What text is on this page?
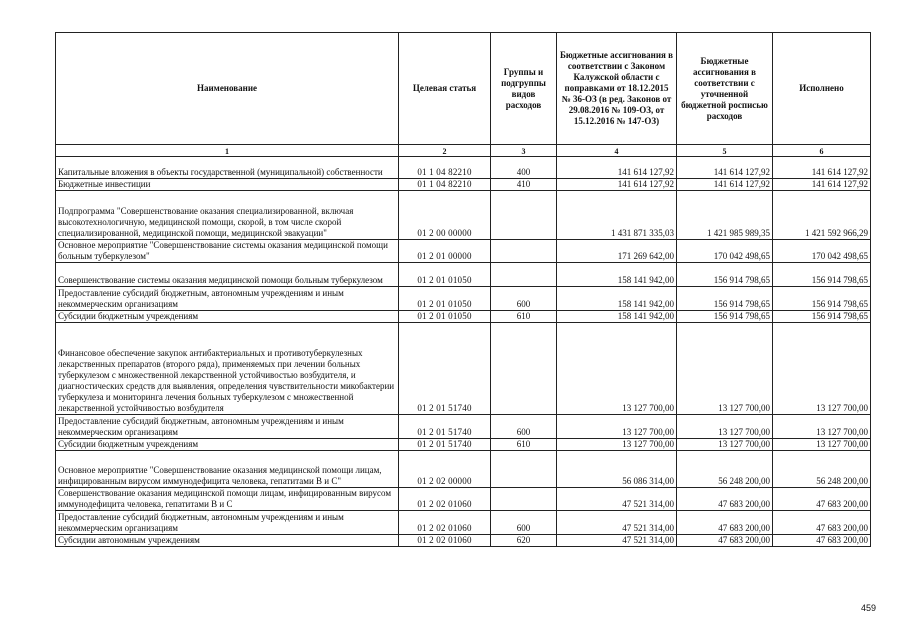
Наименование	Целевая статья	Группы и подгруппы видов расходов	Бюджетные ассигнования в соответствии с Законом Калужской области с поправками от 18.12.2015 № 36-ОЗ (в ред. Законов от 29.08.2016 № 109-ОЗ, от 15.12.2016 № 147-ОЗ)	Бюджетные ассигнования в соответствии с уточненной бюджетной росписью расходов	Исполнено
1	2	3	4	5	6
Капитальные вложения в объекты государственной (муниципальной) собственности	01 1 04 82210	400	141 614 127,92	141 614 127,92	141 614 127,92
Бюджетные инвестиции	01 1 04 82210	410	141 614 127,92	141 614 127,92	141 614 127,92
Подпрограмма "Совершенствование оказания специализированной, включая высокотехнологичную, медицинской помощи, скорой, в том числе скорой специализированной, медицинской помощи, медицинской эвакуации"	01 2 00 00000		1 431 871 335,03	1 421 985 989,35	1 421 592 966,29
Основное мероприятие "Совершенствование системы оказания медицинской помощи больным туберкулезом"	01 2 01 00000		171 269 642,00	170 042 498,65	170 042 498,65
Совершенствование системы оказания медицинской помощи больным туберкулезом	01 2 01 01050		158 141 942,00	156 914 798,65	156 914 798,65
Предоставление субсидий бюджетным, автономным учреждениям и иным некоммерческим организациям	01 2 01 01050	600	158 141 942,00	156 914 798,65	156 914 798,65
Субсидии бюджетным учреждениям	01 2 01 01050	610	158 141 942,00	156 914 798,65	156 914 798,65
Финансовое обеспечение закупок антибактериальных и противотуберкулезных лекарственных препаратов (второго ряда), применяемых при лечении больных туберкулезом с множественной лекарственной устойчивостью возбудителя, и диагностических средств для выявления, определения чувствительности микобактерии туберкулеза и мониторинга лечения больных туберкулезом с множественной лекарственной устойчивостью возбудителя	01 2 01 51740		13 127 700,00	13 127 700,00	13 127 700,00
Предоставление субсидий бюджетным, автономным учреждениям и иным некоммерческим организациям	01 2 01 51740	600	13 127 700,00	13 127 700,00	13 127 700,00
Субсидии бюджетным учреждениям	01 2 01 51740	610	13 127 700,00	13 127 700,00	13 127 700,00
Основное мероприятие "Совершенствование оказания медицинской помощи лицам, инфицированным вирусом иммунодефицита человека, гепатитами В и С"	01 2 02 00000		56 086 314,00	56 248 200,00	56 248 200,00
Совершенствование оказания медицинской помощи лицам, инфицированным вирусом иммунодефицита человека, гепатитами В и С	01 2 02 01060		47 521 314,00	47 683 200,00	47 683 200,00
Предоставление субсидий бюджетным, автономным учреждениям и иным некоммерческим организациям	01 2 02 01060	600	47 521 314,00	47 683 200,00	47 683 200,00
Субсидии автономным учреждениям	01 2 02 01060	620	47 521 314,00	47 683 200,00	47 683 200,00
459
